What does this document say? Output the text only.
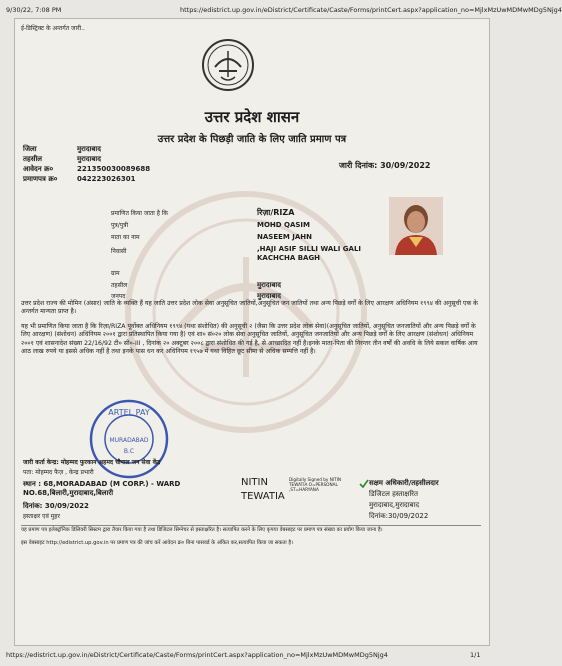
9/30/22, 7:08 PM	https://edistrict.up.gov.in/eDistrict/Certificate/Caste/Forms/printCert.aspx?application_no=MjlxMzUwMDMwMDg5Njg4
ई-डिस्ट्रिक्ट के अन्तर्गत जारी..
उत्तर प्रदेश शासन
उत्तर प्रदेश के पिछड़ी जाति के लिए जाति प्रमाण पत्र
जिला	मुरादाबाद
तहसील	मुरादाबाद
आवेदन क्र०	221350030089688
प्रमाणपत्र क्र०	042223026301
जारी दिनांक: 30/09/2022
प्रमाणित किया जाता है कि	रिज़ा/RIZA
पुत्र/पुत्री	MOHD QASIM
माता का नाम	NASEEM JAHN
निवासी	,HAJI ASIF SILLI WALI GALI KACHCHA BAGH
ग्राम
तहसील	मुरादाबाद
जनपद	मुरादाबाद
उत्तर प्रदेश राज्य की मोमिन (अंसार) जाति के व्यक्ति हैं यह जाति उत्तर प्रदेश लोक सेवा अनुसूचित जातियों,अनुसूचित जन जातियों तथा अन्य पिछड़े वर्गों के लिए आरक्षण अधिनियम १९९४ की अनुसूची एक के अन्तर्गत मान्यता प्राप्त है।
यह भी प्रमाणित किया जाता है कि रिज़ा/RIZA पूर्वोक्त अधिनियम १९९४ (यथा संशोधित) की अनुसूची २ (जैसा कि उत्तर प्रदेश लोक सेवा)(अनुसूचित जातियों, अनुसूचित जनजातियों और अन्य पिछड़े वर्गों के लिए आरक्षण) (संशोधन) अधिनियम २००१ द्वारा प्रतिस्थापित किया गया है) एवं शा० सं०२० लोक सेवा अनुसूचित जातियों, अनुसूचित जनजातियों और अन्य पिछड़े वर्गों के लिए आरक्षण (संशोधन) अधिनियम २००१ एवं शासनादेश संख्या 22/16/92 टी० सी०-III , दिनांक २० अक्टूबर २००८ द्वारा संशोधित की गई है, से आच्छादित नहीं है।इनके माता-पिता की निरन्तर तीन वर्षों की अवधि के लिये सकल वार्षिक आय आठ लाख रुपये या इससे अधिक नहीं है तथा इनके पास धन कर अधिनियम १९५७ में यथा विहित छूट सीमा से अधिक सम्पत्ति नहीं है।
ARTEL PAY
MURADABAD
B.C
जारी कर्ता केन्द्र: मोहम्मद फुरकान अहमद चौपाल जन सेवा केंद्र
पता: मोहम्मद फैज़ , केन्द्र प्रभारी
स्थान : 68,MORADABAD (M CORP.) - WARD NO.68,बिलारी,मुरादाबाद,बिलारी
दिनांक: 30/09/2022
हस्ताक्षर एवं मुहर
NITIN
TEWATIA
Digitally Signed by NITIN TEWATIA O=PERSONAL ,ST=HARYANA
सक्षम अधिकारी/तहसीलदार
डिजिटल हस्ताक्षरित
मुरादाबाद,मुरादाबाद
दिनांक:30/09/2022
यह प्रमाण पत्र इलेक्ट्रॉनिक डिलिवरी सिस्टम द्वारा तैयार किया गया है तथा डिजिटल सिग्नेचर से हस्ताक्षरित है। सत्यापित करने के लिए कृपया वेबसाइट पर प्रमाण पत्र संख्या का प्रयोग किया जाना है।
इस वेबसाइट http://edistrict.up.gov.in पर प्रमाण पत्र की जांच करें आवेदन क्र० बिना पासवर्ड के अंकित कर,सत्यापित किया जा सकता है।
https://edistrict.up.gov.in/eDistrict/Certificate/Caste/Forms/printCert.aspx?application_no=MjlxMzUwMDMwMDg5Njg4	1/1
